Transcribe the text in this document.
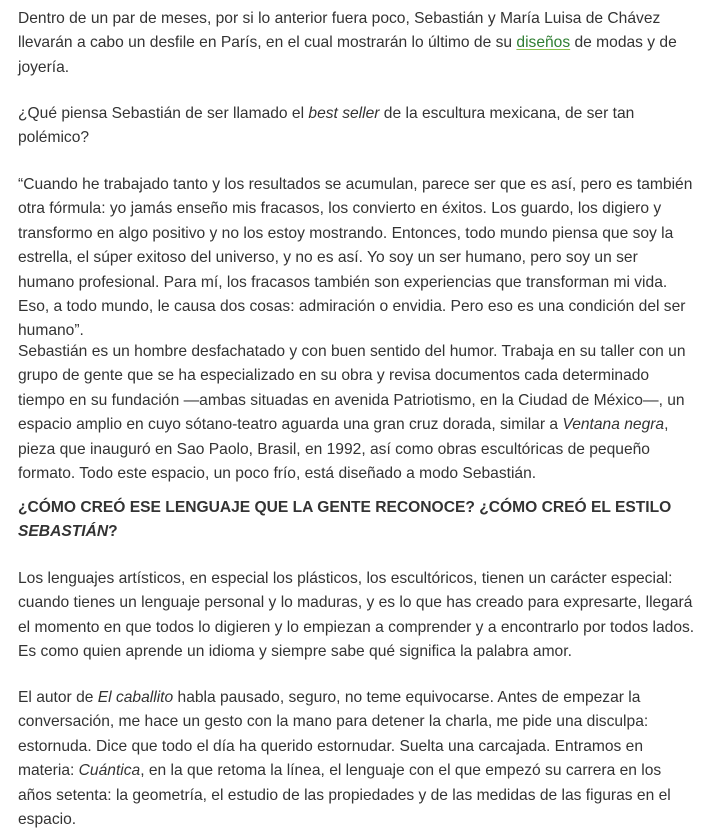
Dentro de un par de meses, por si lo anterior fuera poco, Sebastián y María Luisa de Chávez llevarán a cabo un desfile en París, en el cual mostrarán lo último de su diseños de modas y de joyería.

¿Qué piensa Sebastián de ser llamado el best seller de la escultura mexicana, de ser tan polémico?

“Cuando he trabajado tanto y los resultados se acumulan, parece ser que es así, pero es también otra fórmula: yo jamás enseño mis fracasos, los convierto en éxitos. Los guardo, los digiero y transformo en algo positivo y no los estoy mostrando. Entonces, todo mundo piensa que soy la estrella, el súper exitoso del universo, y no es así. Yo soy un ser humano, pero soy un ser humano profesional. Para mí, los fracasos también son experiencias que transforman mi vida. Eso, a todo mundo, le causa dos cosas: admiración o envidia. Pero eso es una condición del ser humano”.

Sebastián es un hombre desfachatado y con buen sentido del humor. Trabaja en su taller con un grupo de gente que se ha especializado en su obra y revisa documentos cada determinado tiempo en su fundación —ambas situadas en avenida Patriotismo, en la Ciudad de México—, un espacio amplio en cuyo sótano-teatro aguarda una gran cruz dorada, similar a Ventana negra, pieza que inauguró en Sao Paolo, Brasil, en 1992, así como obras escultóricas de pequeño formato. Todo este espacio, un poco frío, está diseñado a modo Sebastián.

¿CÓMO CREÓ ESE LENGUAJE QUE LA GENTE RECONOCE? ¿CÓMO CREÓ EL ESTILO SEBASTIÁN?

Los lenguajes artísticos, en especial los plásticos, los escultóricos, tienen un carácter especial: cuando tienes un lenguaje personal y lo maduras, y es lo que has creado para expresarte, llegará el momento en que todos lo digieren y lo empiezan a comprender y a encontrarlo por todos lados. Es como quien aprende un idioma y siempre sabe qué significa la palabra amor.

El autor de El caballito habla pausado, seguro, no teme equivocarse. Antes de empezar la conversación, me hace un gesto con la mano para detener la charla, me pide una disculpa: estornuda. Dice que todo el día ha querido estornudar. Suelta una carcajada. Entramos en materia: Cuántica, en la que retoma la línea, el lenguaje con el que empezó su carrera en los años setenta: la geometría, el estudio de las propiedades y de las medidas de las figuras en el espacio.
